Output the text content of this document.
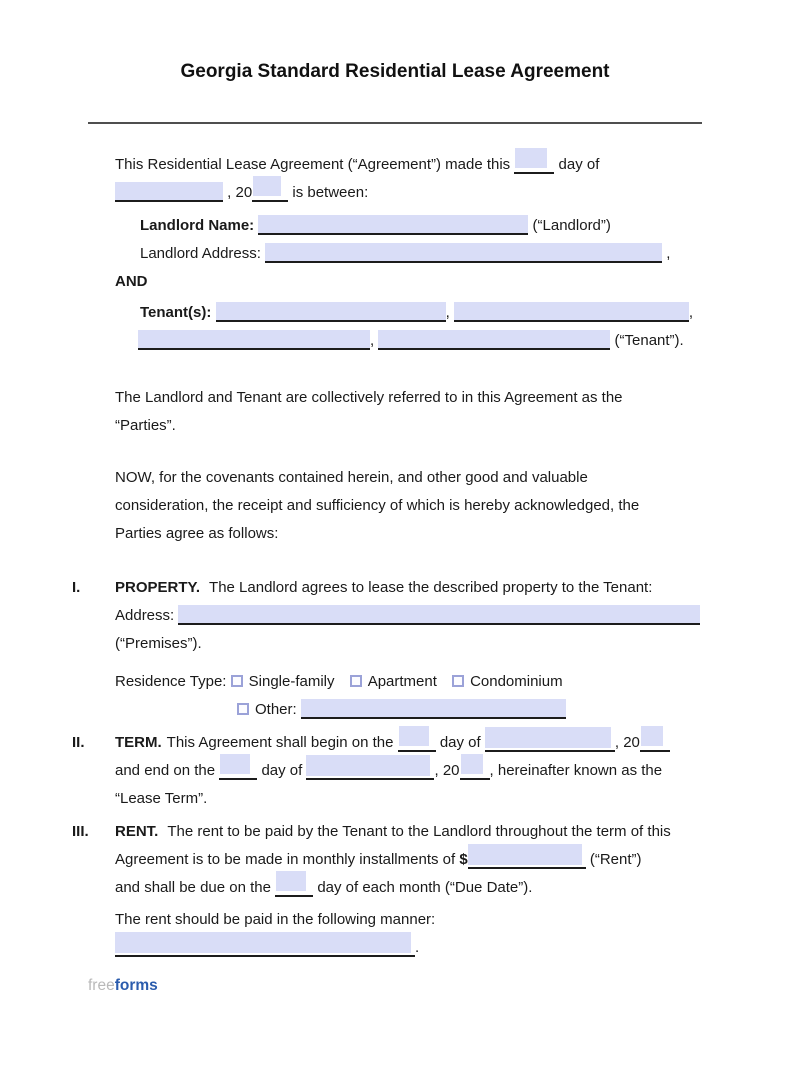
Georgia Standard Residential Lease Agreement
This Residential Lease Agreement (“Agreement”) made this	day of
, 20	is between:
Landlord Name:	(“Landlord”)
Landlord Address:	,
AND
Tenant(s):	,	,
,	(“Tenant”).
The Landlord and Tenant are collectively referred to in this Agreement as the
“Parties”.
NOW, for the covenants contained herein, and other good and valuable
consideration, the receipt and sufficiency of which is hereby acknowledged, the
Parties agree as follows:
I.	PROPERTY. The Landlord agrees to lease the described property to the Tenant:
Address:
(“Premises”).
Residence Type: Single-family Apartment Condominium
Other:
II.	TERM. This Agreement shall begin on the	day of	, 20
and end on the	day of	, 20 , hereinafter known as the
“Lease Term”.
III.	RENT. The rent to be paid by the Tenant to the Landlord throughout the term of this
Agreement is to be made in monthly installments of $	(“Rent”)
and shall be due on the	day of each month (“Due Date”).
The rent should be paid in the following manner:
.
freeforms
